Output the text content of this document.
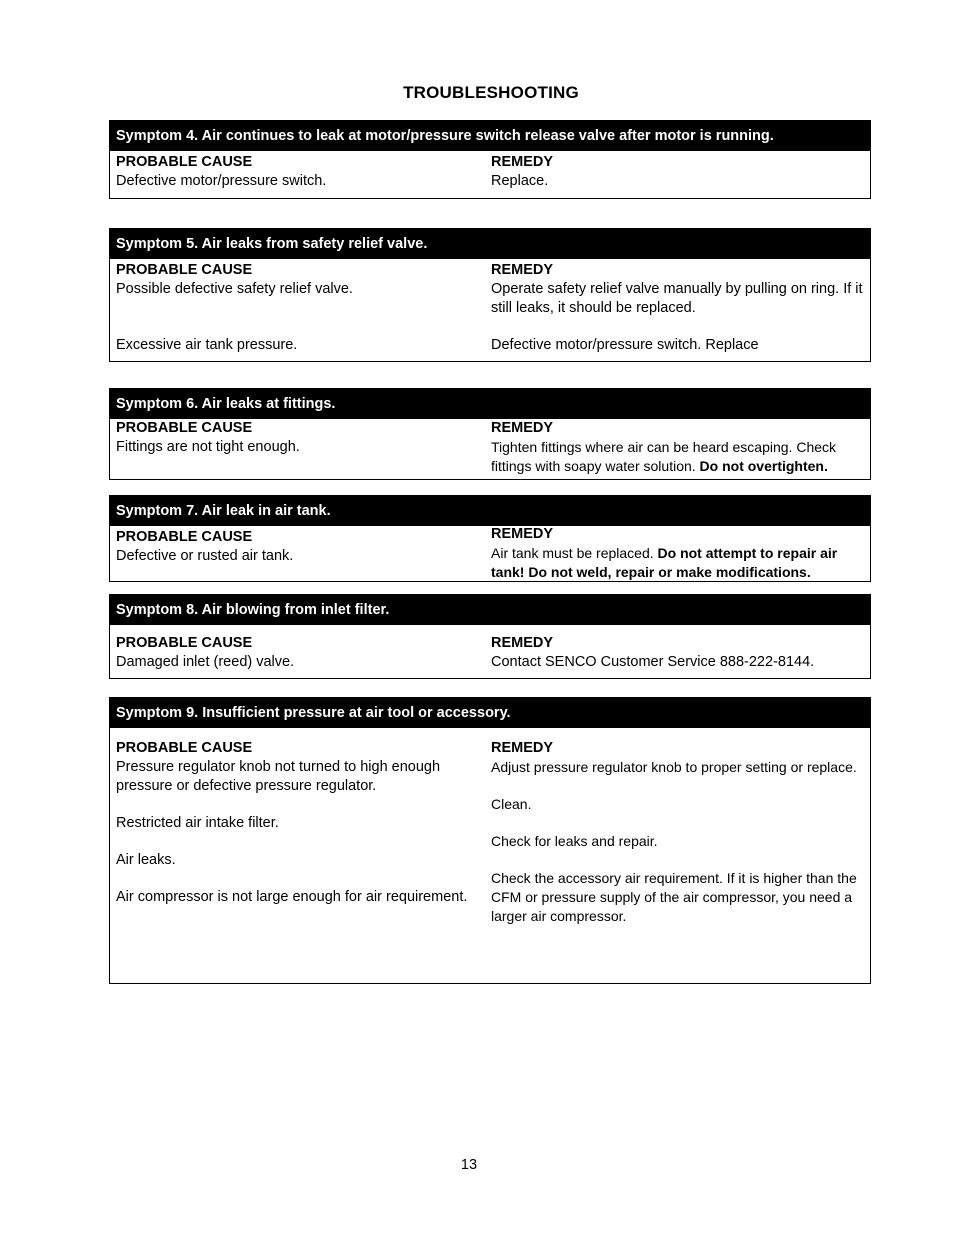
TROUBLESHOOTING
Symptom 4. Air continues to leak at motor/pressure switch release valve after motor is running.
PROBABLE CAUSE
Defective motor/pressure switch.
REMEDY
Replace.
Symptom 5. Air leaks from safety relief valve.
PROBABLE CAUSE
Possible defective safety relief valve.
Excessive air tank pressure.
REMEDY
Operate safety relief valve manually by pulling on ring. If it still leaks, it should be replaced.
Defective motor/pressure switch. Replace
Symptom 6. Air leaks at fittings.
PROBABLE CAUSE
Fittings are not tight enough.
REMEDY
Tighten fittings where air can be heard escaping. Check fittings with soapy water solution. Do not overtighten.
Symptom 7. Air leak in air tank.
PROBABLE CAUSE
Defective or rusted air tank.
REMEDY
Air tank must be replaced. Do not attempt to repair air tank! Do not weld, repair or make modifications.
Symptom 8. Air blowing from inlet filter.
PROBABLE CAUSE
Damaged inlet (reed) valve.
REMEDY
Contact SENCO Customer Service 888-222-8144.
Symptom 9. Insufficient pressure at air tool or accessory.
PROBABLE CAUSE
Pressure regulator knob not turned to high enough pressure or defective pressure regulator.
Restricted air intake filter.
Air leaks.
Air compressor is not large enough for air requirement.
REMEDY
Adjust pressure regulator knob to proper setting or replace.
Clean.
Check for leaks and repair.
Check the accessory air requirement. If it is higher than the CFM or pressure supply of the air compressor, you need a larger air compressor.
13
